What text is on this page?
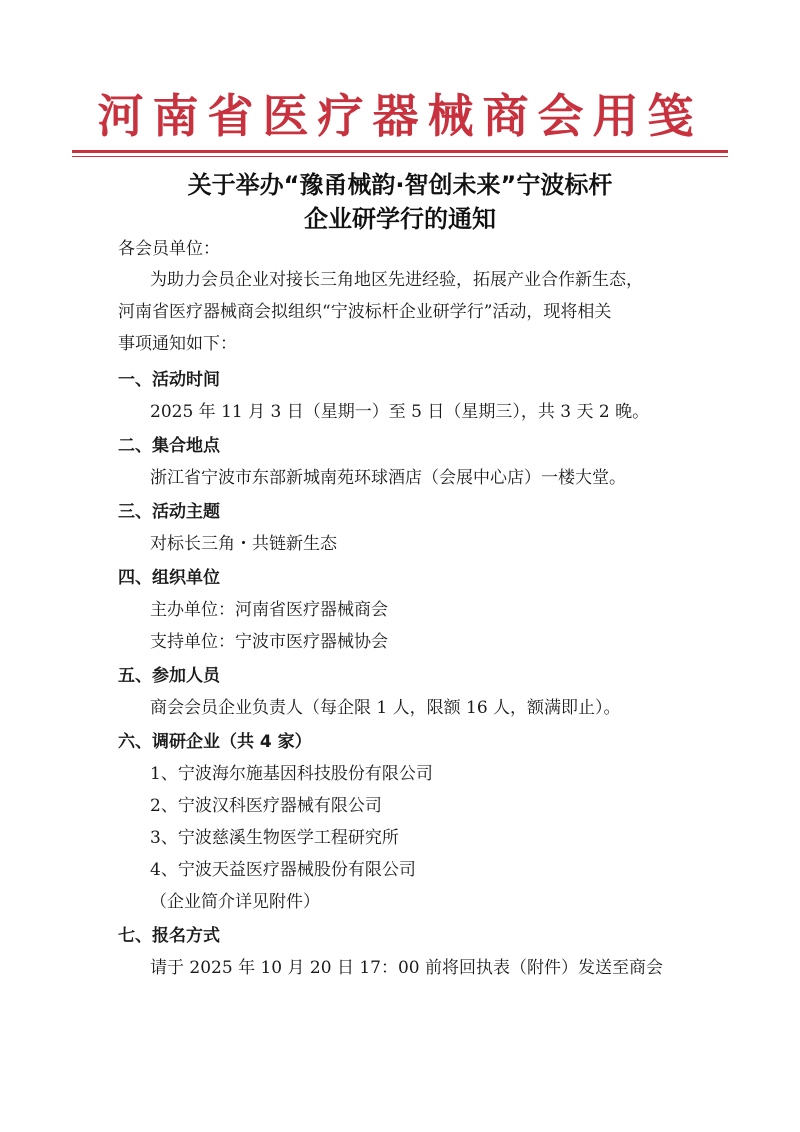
河南省医疗器械商会用笺
关于举办“豫甬械韵·智创未来”宁波标杆
企业研学行的通知
各会员单位：
为助力会员企业对接长三角地区先进经验，拓展产业合作新生态，
河南省医疗器械商会拟组织“宁波标杆企业研学行”活动，现将相关
事项通知如下：
一、活动时间
2025 年 11 月 3 日（星期一）至 5 日（星期三），共 3 天 2 晚。
二、集合地点
浙江省宁波市东部新城南苑环球酒店（会展中心店）一楼大堂。
三、活动主题
对标长三角・共链新生态
四、组织单位
主办单位：河南省医疗器械商会
支持单位：宁波市医疗器械协会
五、参加人员
商会会员企业负责人（每企限 1 人，限额 16 人，额满即止）。
六、调研企业（共 4 家）
1、宁波海尔施基因科技股份有限公司
2、宁波汉科医疗器械有限公司
3、宁波慈溪生物医学工程研究所
4、宁波天益医疗器械股份有限公司
（企业简介详见附件）
七、报名方式
请于 2025 年 10 月 20 日 17：00 前将回执表（附件）发送至商会
